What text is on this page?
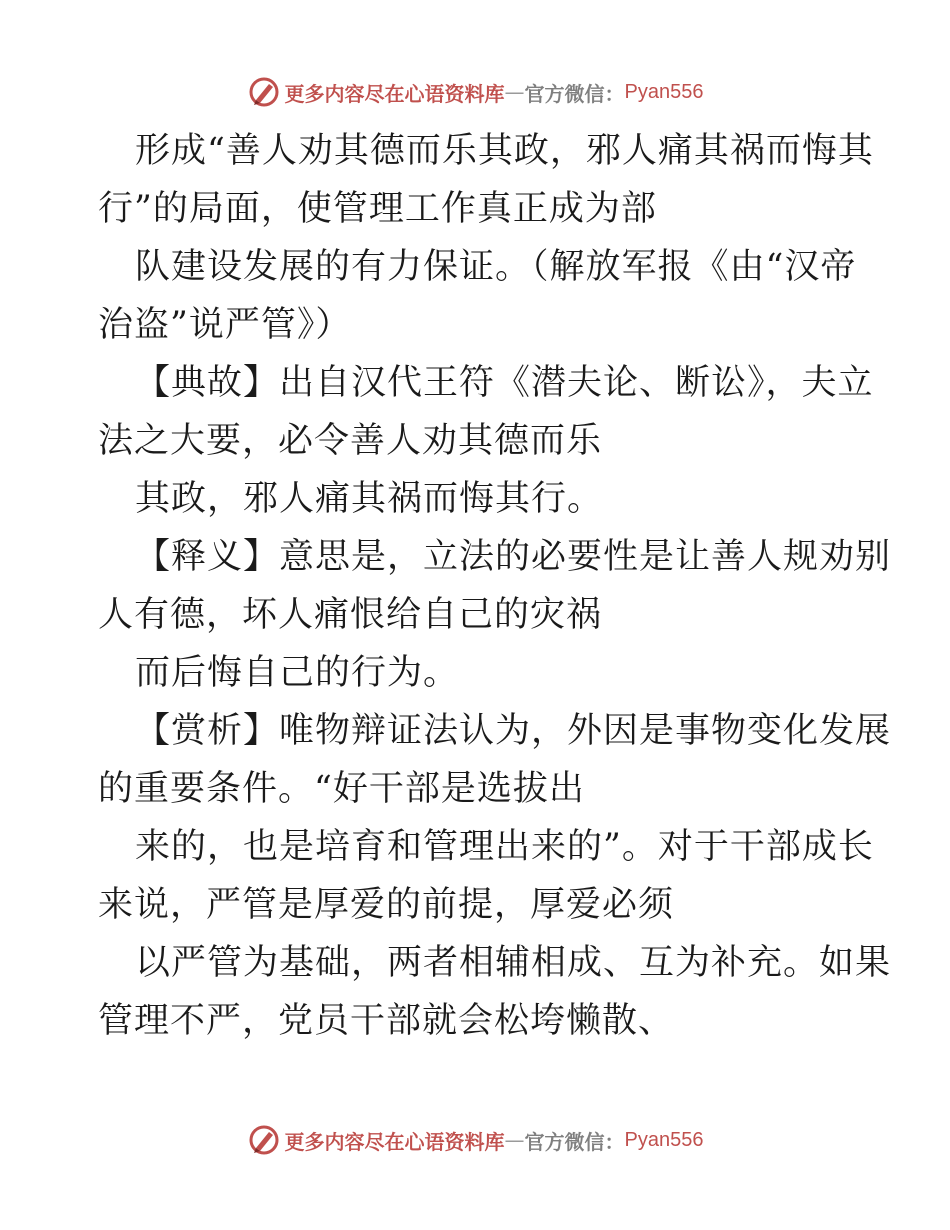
更多内容尽在心语资料库 — 官方微信： Pyan556
形成“善人劝其德而乐其政，邪人痛其祸而悔其
行”的局面，使管理工作真正成为部
队建设发展的有力保证。（解放军报《由“汉帝
治盗”说严管》）
【典故】出自汉代王符《潜夫论、断讼》，夫立
法之大要，必令善人劝其德而乐
其政，邪人痛其祸而悔其行。
【释义】意思是，立法的必要性是让善人规劝别
人有德，坏人痛恨给自己的灾祸
而后悔自己的行为。
【赏析】唯物辩证法认为，外因是事物变化发展
的重要条件。“好干部是选拔出
来的，也是培育和管理出来的”。对于干部成长
来说，严管是厚爱的前提，厚爱必须
以严管为基础，两者相辅相成、互为补充。如果
管理不严，党员干部就会松垮懒散、
更多内容尽在心语资料库 — 官方微信： Pyan556
